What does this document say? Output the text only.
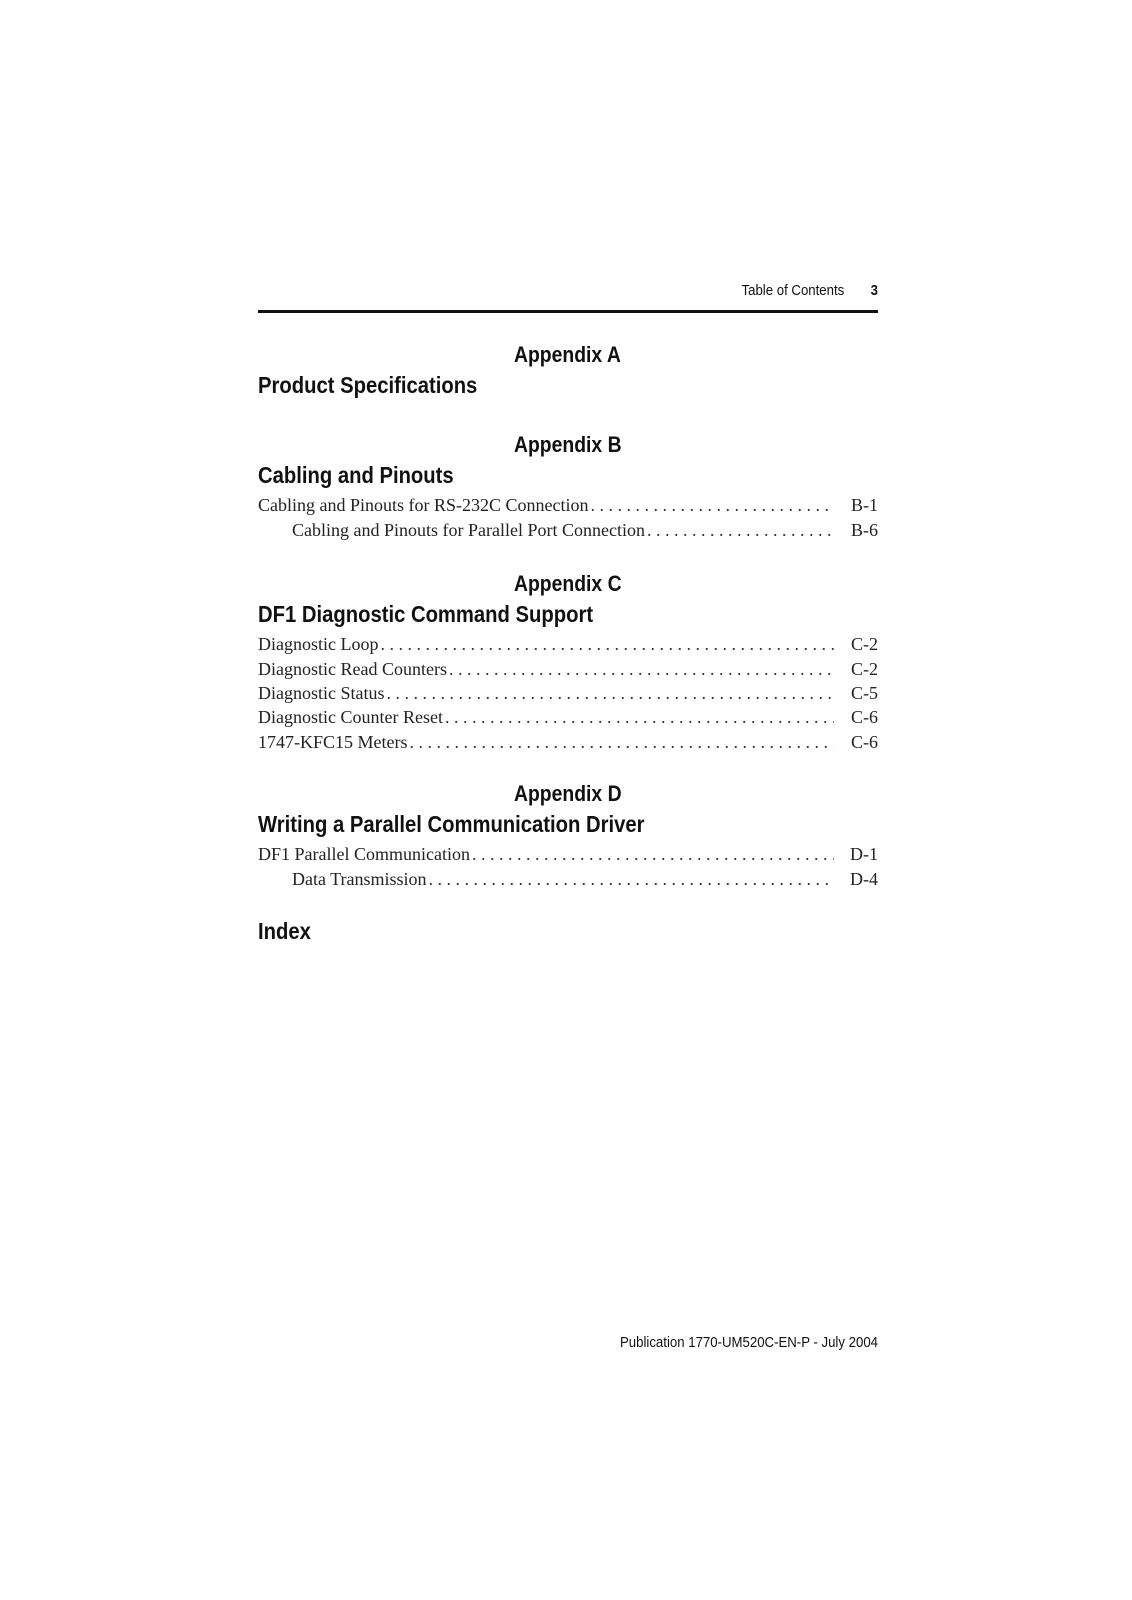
Table of Contents 3
Appendix A
Product Specifications
Appendix B
Cabling and Pinouts
Cabling and Pinouts for RS-232C Connection . . .	B-1
Cabling and Pinouts for Parallel Port Connection . . .	B-6
Appendix C
DF1 Diagnostic Command Support
Diagnostic Loop . . .	C-2
Diagnostic Read Counters . . .	C-2
Diagnostic Status . . .	C-5
Diagnostic Counter Reset . . .	C-6
1747-KFC15 Meters . . .	C-6
Appendix D
Writing a Parallel Communication Driver
DF1 Parallel Communication . . .	D-1
Data Transmission . . .	D-4
Index
Publication 1770-UM520C-EN-P - July 2004
